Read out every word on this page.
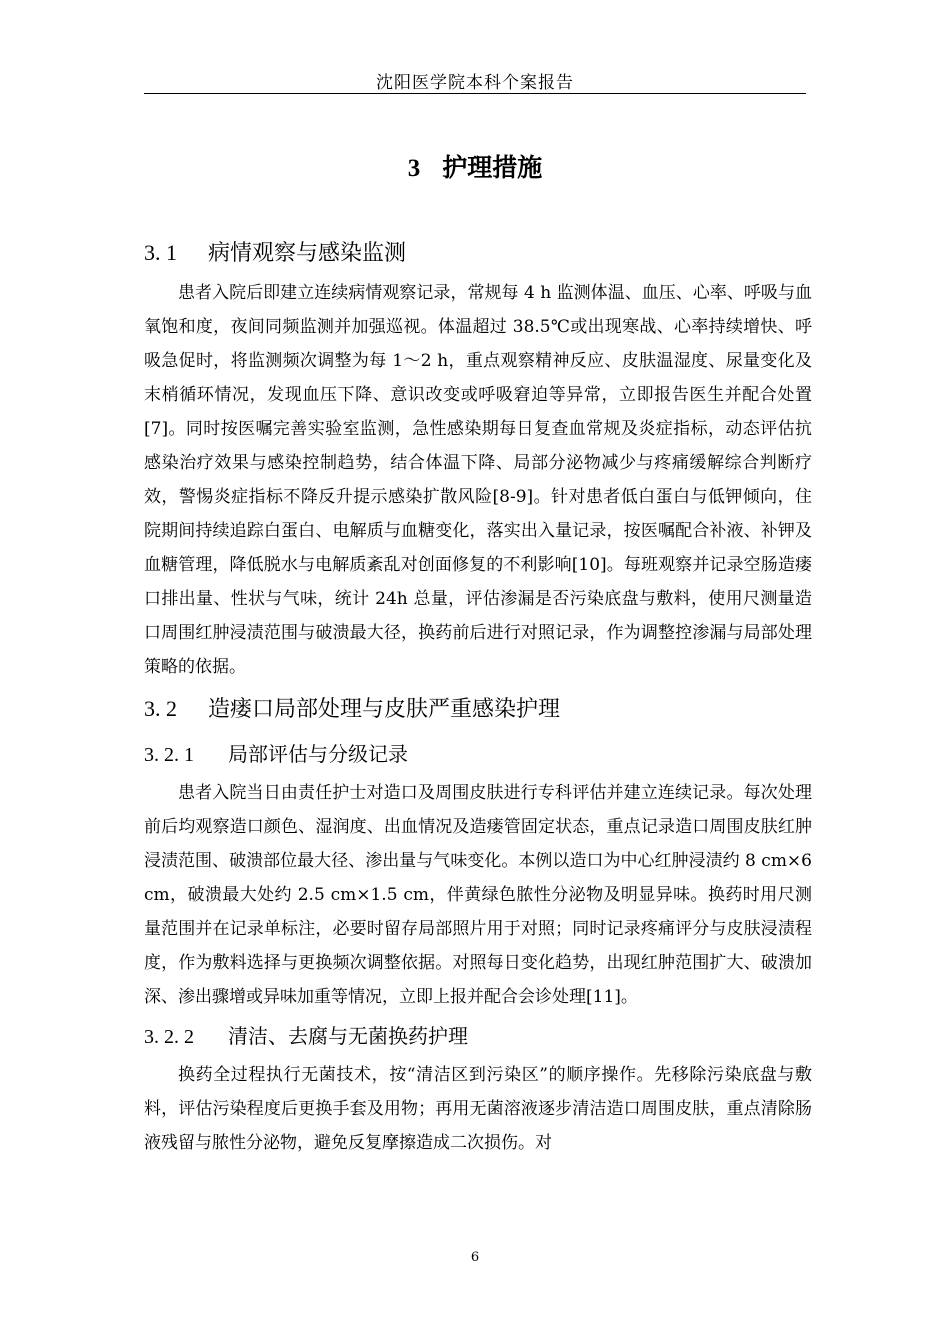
沈阳医学院本科个案报告
3 护理措施
3. 1 病情观察与感染监测

患者入院后即建立连续病情观察记录，常规每 4 h 监测体温、血压、心率、呼吸与血氧饱和度，夜间同频监测并加强巡视。体温超过 38.5℃或出现寒战、心率持续增快、呼吸急促时，将监测频次调整为每 1～2 h，重点观察精神反应、皮肤温湿度、尿量变化及末梢循环情况，发现血压下降、意识改变或呼吸窘迫等异常，立即报告医生并配合处置[7]。同时按医嘱完善实验室监测，急性感染期每日复查血常规及炎症指标，动态评估抗感染治疗效果与感染控制趋势，结合体温下降、局部分泌物减少与疼痛缓解综合判断疗效，警惕炎症指标不降反升提示感染扩散风险[8-9]。针对患者低白蛋白与低钾倾向，住院期间持续追踪白蛋白、电解质与血糖变化，落实出入量记录，按医嘱配合补液、补钾及血糖管理，降低脱水与电解质紊乱对创面修复的不利影响[10]。每班观察并记录空肠造瘘口排出量、性状与气味，统计 24h 总量，评估渗漏是否污染底盘与敷料，使用尺测量造口周围红肿浸渍范围与破溃最大径，换药前后进行对照记录，作为调整控渗漏与局部处理策略的依据。

3. 2 造瘘口局部处理与皮肤严重感染护理
3. 2. 1 局部评估与分级记录

患者入院当日由责任护士对造口及周围皮肤进行专科评估并建立连续记录。每次处理前后均观察造口颜色、湿润度、出血情况及造瘘管固定状态，重点记录造口周围皮肤红肿浸渍范围、破溃部位最大径、渗出量与气味变化。本例以造口为中心红肿浸渍约 8 cm×6 cm，破溃最大处约 2.5 cm×1.5 cm，伴黄绿色脓性分泌物及明显异味。换药时用尺测量范围并在记录单标注，必要时留存局部照片用于对照；同时记录疼痛评分与皮肤浸渍程度，作为敷料选择与更换频次调整依据。对照每日变化趋势，出现红肿范围扩大、破溃加深、渗出骤增或异味加重等情况，立即上报并配合会诊处理[11]。

3. 2. 2 清洁、去腐与无菌换药护理

换药全过程执行无菌技术，按“清洁区到污染区”的顺序操作。先移除污染底盘与敷料，评估污染程度后更换手套及用物；再用无菌溶液逐步清洁造口周围皮肤，重点清除肠液残留与脓性分泌物，避免反复摩擦造成二次损伤。对

6
